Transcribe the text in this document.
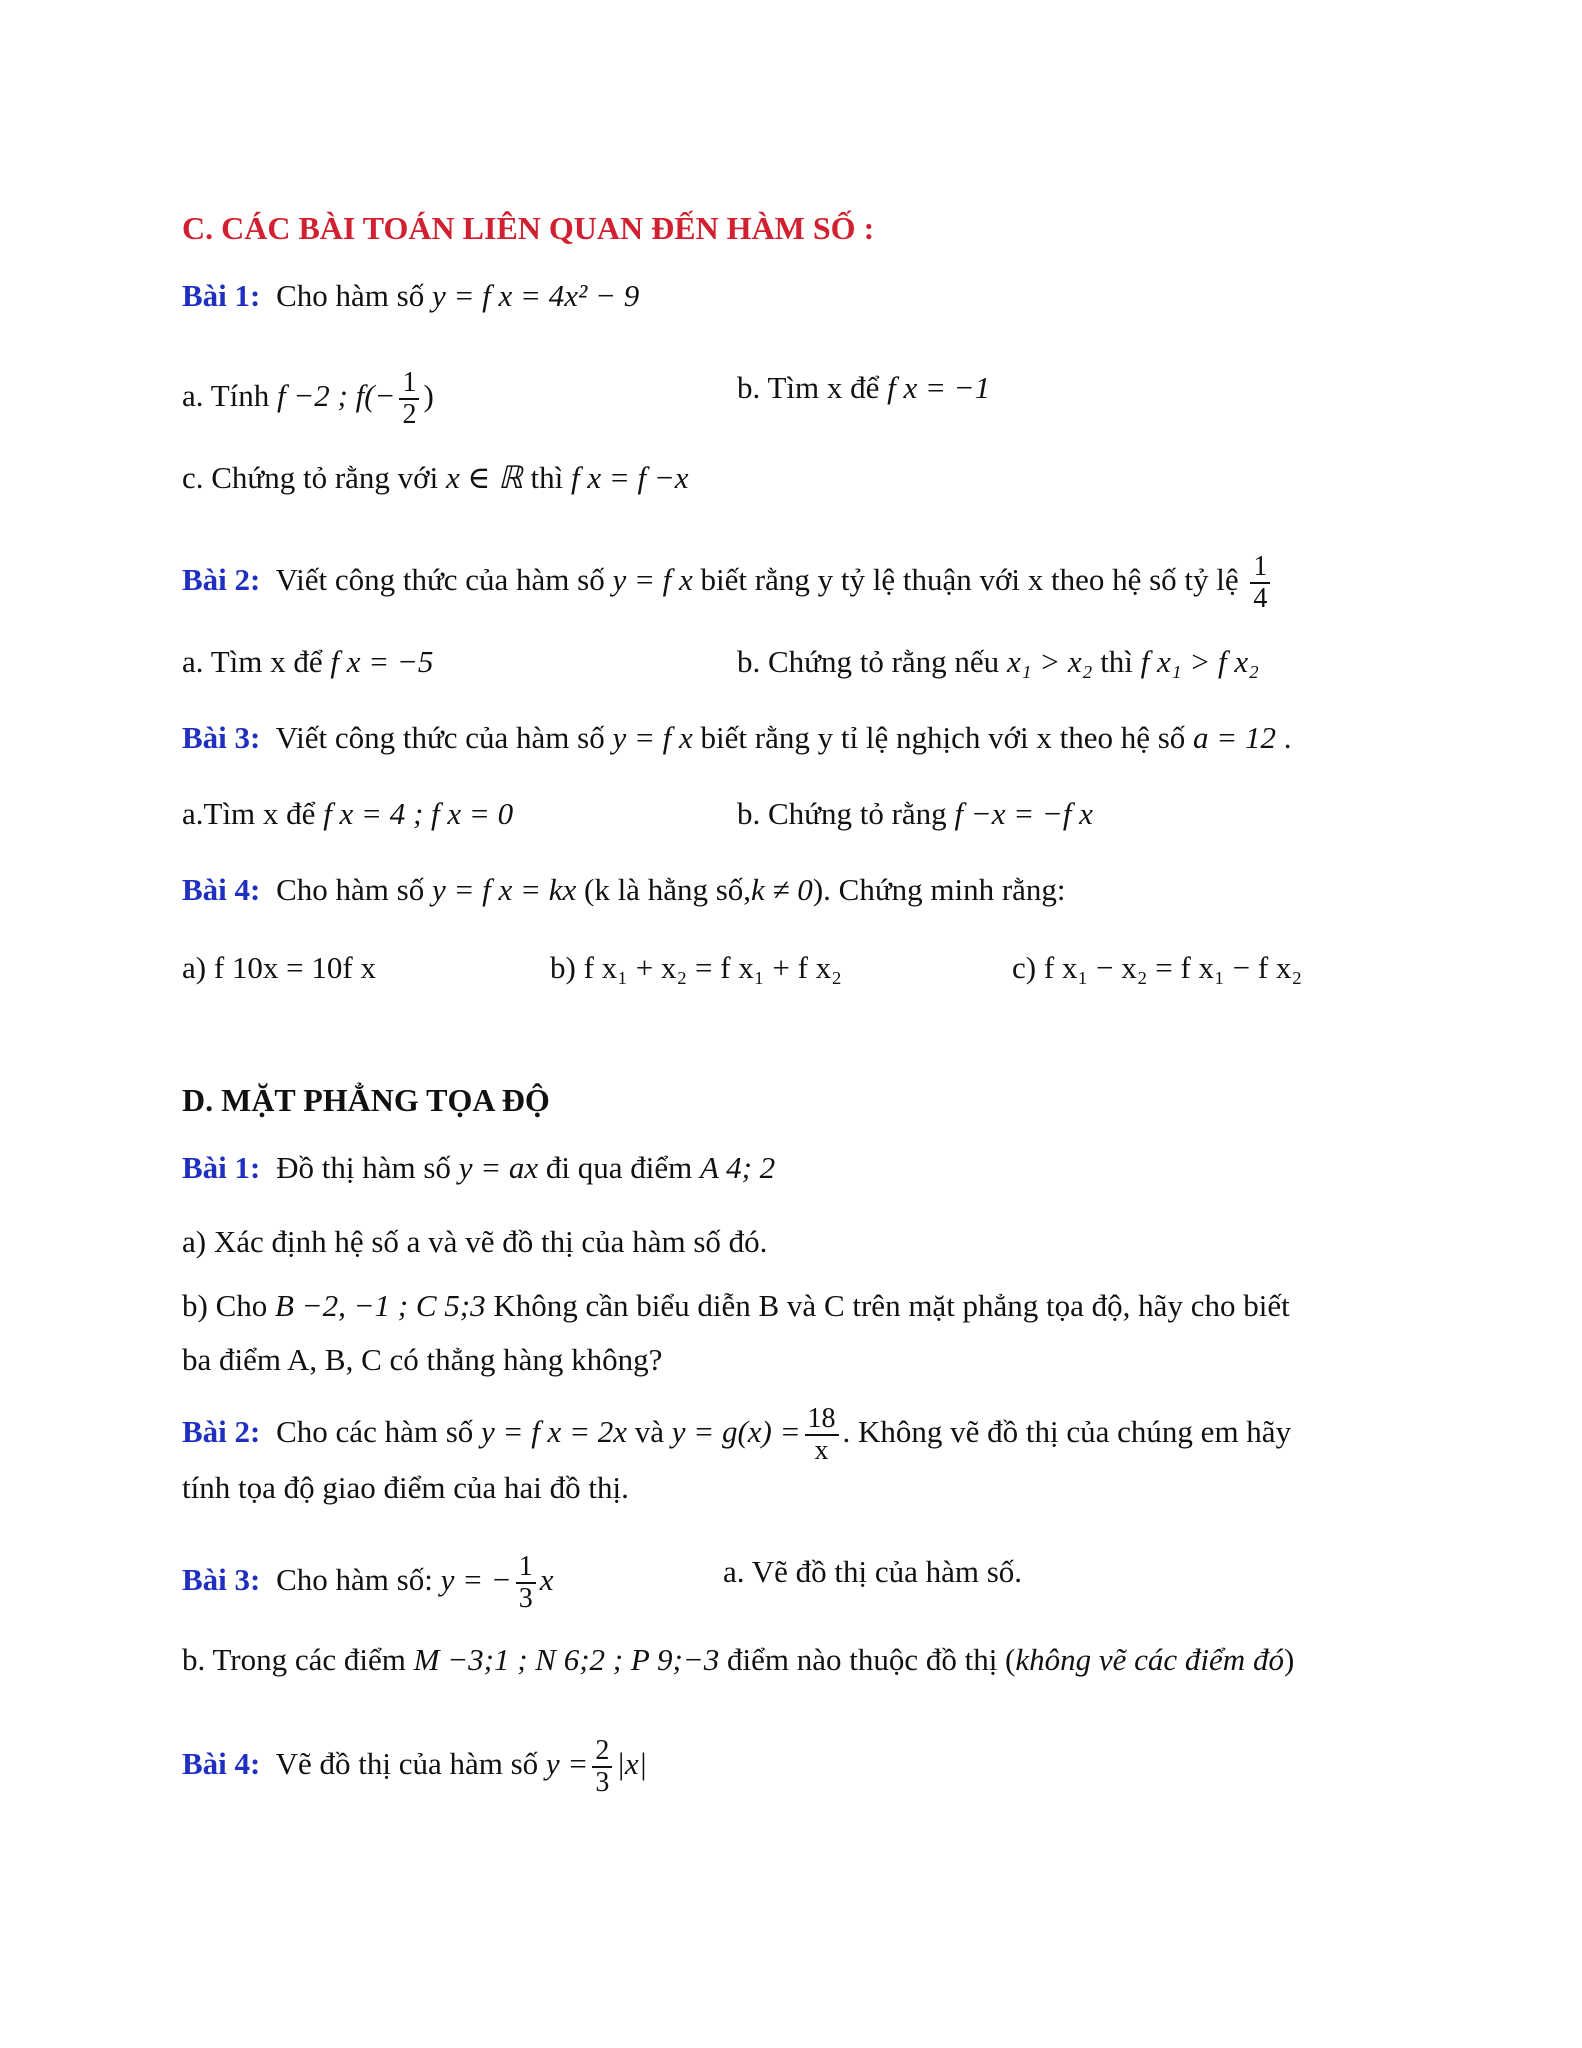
C. CÁC BÀI TOÁN LIÊN QUAN ĐẾN HÀM SỐ :
Bài 1: Cho hàm số y = f x = 4x² − 9
a. Tính f −2 ; $f(- \frac{1}{2}$ )	b. Tìm x để f x = −1
c. Chứng tỏ rằng với x ∈ ℝ thì f x = f −x
Bài 2: Viết công thức của hàm số y = f x biết rằng y tỷ lệ thuận với x theo hệ số tỷ lệ $\frac{1}{4}$
a. Tìm x để f x = −5	b. Chứng tỏ rằng nếu x₁ > x₂ thì f x₁ > f x₂
Bài 3: Viết công thức của hàm số y = f x biết rằng y tỉ lệ nghịch với x theo hệ số a = 12 .
a.Tìm x để f x = 4 ; f x = 0	b. Chứng tỏ rằng f −x = −f x
Bài 4: Cho hàm số y = f x = kx (k là hằng số,k ≠ 0). Chứng minh rằng:
a) f 10x = 10f x	b) f x₁ + x₂ = f x₁ + f x₂	c) f x₁ − x₂ = f x₁ − f x₂
D. MẶT PHẲNG TỌA ĐỘ
Bài 1: Đồ thị hàm số y = ax đi qua điểm A 4; 2
a) Xác định hệ số a và vẽ đồ thị của hàm số đó.
b) Cho B −2, −1 ; C 5;3 Không cần biểu diễn B và C trên mặt phẳng tọa độ, hãy cho biết
ba điểm A, B, C có thẳng hàng không?
Bài 2: Cho các hàm số y = f x = 2x và $y = g(x) = \frac{18}{x}$ . Không vẽ đồ thị của chúng em hãy
tính tọa độ giao điểm của hai đồ thị.
Bài 3: Cho hàm số: y = − $\frac{1}{3}$ x	a. Vẽ đồ thị của hàm số.
b. Trong các điểm M −3;1 ; N 6;2 ; P 9;−3 điểm nào thuộc đồ thị (không vẽ các điểm đó)
Bài 4: Vẽ đồ thị của hàm số $y = \frac{2}{3} |x|$
